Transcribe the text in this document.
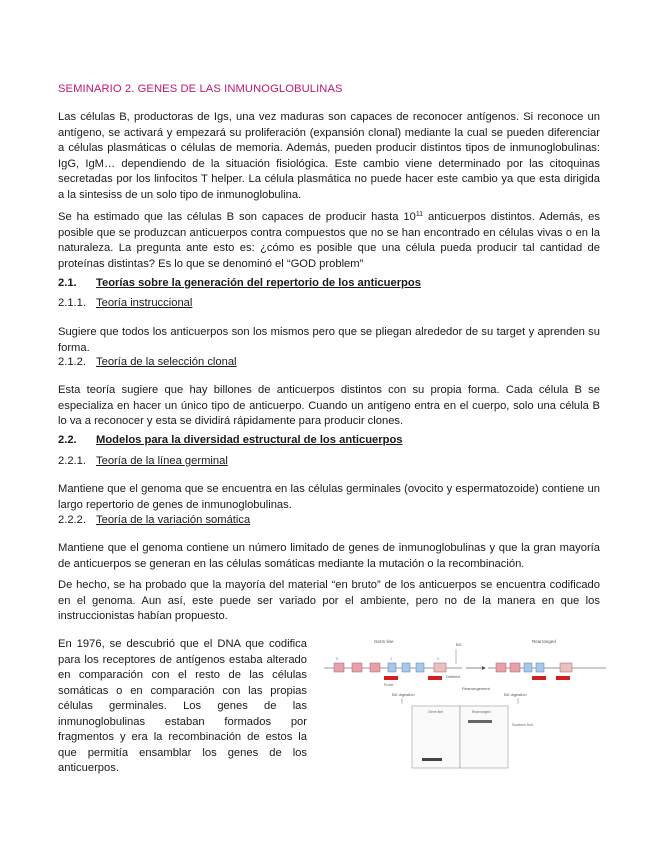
SEMINARIO 2. GENES DE LAS INMUNOGLOBULINAS

Las células B, productoras de Igs, una vez maduras son capaces de reconocer antígenos. Si reconoce un antígeno, se activará y empezará su proliferación (expansión clonal) mediante la cual se pueden diferenciar a células plasmáticas o células de memoria. Además, pueden producir distintos tipos de inmunoglobulinas: IgG, IgM… dependiendo de la situación fisiológica. Este cambio viene determinado por las citoquinas secretadas por los linfocitos T helper. La célula plasmática no puede hacer este cambio ya que esta dirigida a la sintesiss de un solo tipo de inmunoglobulina.

Se ha estimado que las células B son capaces de producir hasta $10^{11}$ anticuerpos distintos. Además, es posible que se produzcan anticuerpos contra compuestos que no se han encontrado en células vivas o en la naturaleza. La pregunta ante esto es: ¿cómo es posible que una célula pueda producir tal cantidad de proteínas distintas? Es lo que se denominó el “GOD problem”

2.1. Teorías sobre la generación del repertorio de los anticuerpos
2.1.1. Teoría instruccional

Sugiere que todos los anticuerpos son los mismos pero que se pliegan alrededor de su target y aprenden su forma.

2.1.2. Teoría de la selección clonal

Esta teoría sugiere que hay billones de anticuerpos distintos con su propia forma. Cada célula B se especializa en hacer un único tipo de anticuerpo. Cuando un antígeno entra en el cuerpo, solo una célula B lo va a reconocer y esta se dividirá rápidamente para producir clones.

2.2. Modelos para la diversidad estructural de los anticuerpos
2.2.1. Teoría de la línea germinal

Mantiene que el genoma que se encuentra en las células germinales (ovocito y espermatozoide) contiene un largo repertorio de genes de inmunoglobulinas.

2.2.2. Teoría de la variación somática

Mantiene que el genoma contiene un número limitado de genes de inmunoglobulinas y que la gran mayoría de anticuerpos se generan en las células somáticas mediante la mutación o la recombinación.

De hecho, se ha probado que la mayoría del material “en bruto” de los anticuerpos se encuentra codificado en el genoma. Aun así, este puede ser variado por el ambiente, pero no de la manera en que los instruccionistas habían propuesto.

En 1976, se descubrió que el DNA que codifica para los receptores de antígenos estaba alterado en comparación con el resto de las células somáticas o en comparación con las propias células germinales. Los genes de las inmunoglobulinas estaban formados por fragmentos y era la recombinación de estos la que permitía ensamblar los genes de los anticuerpos.

Germ line	Rearranged
BG
V	J	C
Probe
Deleted
Rearrangement
BD digestion	BD digestion
Germ line	Rearranged
Southern blot
